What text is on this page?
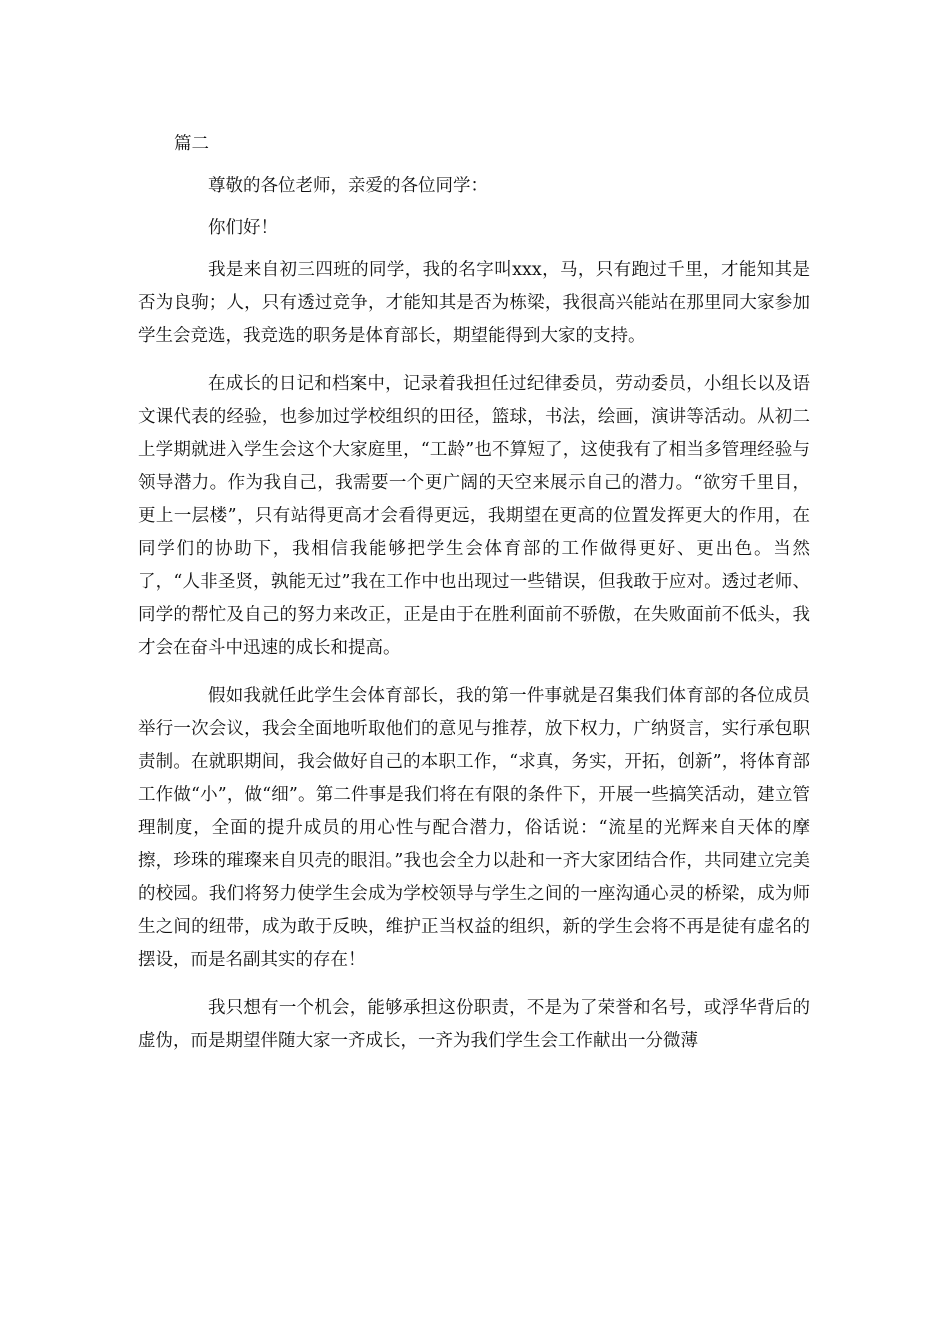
篇二

尊敬的各位老师，亲爱的各位同学：

你们好！

我是来自初三四班的同学，我的名字叫xxx，马，只有跑过千里，才能知其是否为良驹；人，只有透过竞争，才能知其是否为栋梁，我很高兴能站在那里同大家参加学生会竞选，我竞选的职务是体育部长，期望能得到大家的支持。

在成长的日记和档案中，记录着我担任过纪律委员，劳动委员，小组长以及语文课代表的经验，也参加过学校组织的田径，篮球，书法，绘画，演讲等活动。从初二上学期就进入学生会这个大家庭里，“工龄”也不算短了，这使我有了相当多管理经验与领导潜力。作为我自己，我需要一个更广阔的天空来展示自己的潜力。“欲穷千里目，更上一层楼”，只有站得更高才会看得更远，我期望在更高的位置发挥更大的作用，在同学们的协助下，我相信我能够把学生会体育部的工作做得更好、更出色。当然了，“人非圣贤，孰能无过”我在工作中也出现过一些错误，但我敢于应对。透过老师、同学的帮忙及自己的努力来改正，正是由于在胜利面前不骄傲，在失败面前不低头，我才会在奋斗中迅速的成长和提高。

假如我就任此学生会体育部长，我的第一件事就是召集我们体育部的各位成员举行一次会议，我会全面地听取他们的意见与推荐，放下权力，广纳贤言，实行承包职责制。在就职期间，我会做好自己的本职工作，“求真，务实，开拓，创新”，将体育部工作做“小”，做“细”。第二件事是我们将在有限的条件下，开展一些搞笑活动，建立管理制度，全面的提升成员的用心性与配合潜力，俗话说：“流星的光辉来自天体的摩擦，珍珠的璀璨来自贝壳的眼泪。”我也会全力以赴和一齐大家团结合作，共同建立完美的校园。我们将努力使学生会成为学校领导与学生之间的一座沟通心灵的桥梁，成为师生之间的纽带，成为敢于反映，维护正当权益的组织，新的学生会将不再是徒有虚名的摆设，而是名副其实的存在！

我只想有一个机会，能够承担这份职责，不是为了荣誉和名号，或浮华背后的虚伪，而是期望伴随大家一齐成长，一齐为我们学生会工作献出一分微薄
